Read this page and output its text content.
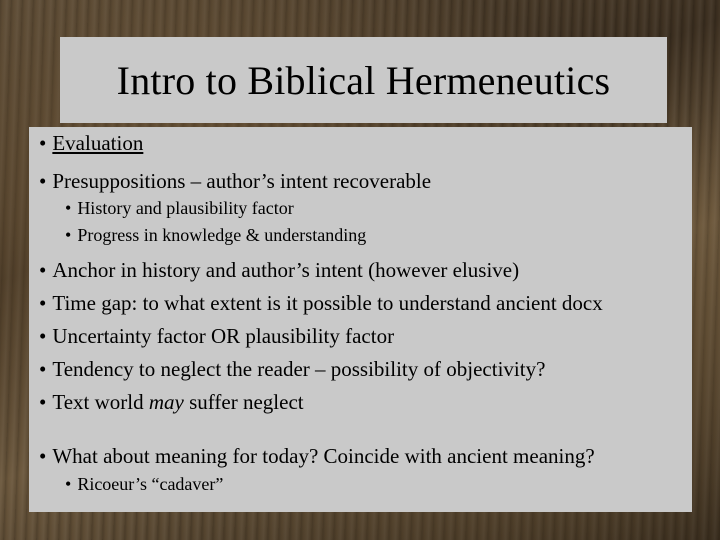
Intro to Biblical Hermeneutics
• Evaluation
• Presuppositions – author’s intent recoverable
• History and plausibility factor
• Progress in knowledge & understanding
• Anchor in history and author’s intent (however elusive)
• Time gap: to what extent is it possible to understand ancient docx
• Uncertainty factor OR plausibility factor
• Tendency to neglect the reader – possibility of objectivity?
• Text world may suffer neglect
• What about meaning for today? Coincide with ancient meaning?
• Ricoeur’s “cadaver”
